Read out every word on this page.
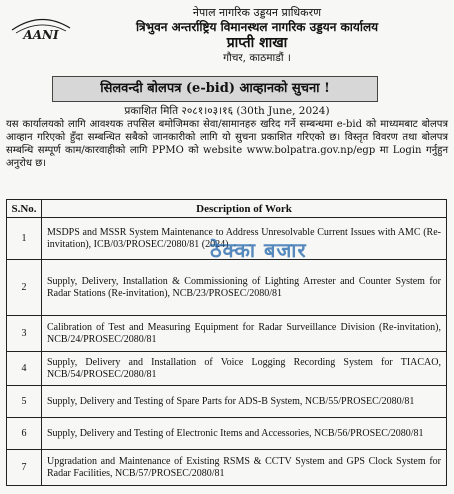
AANI
नेपाल नागरिक उड्डयन प्राधिकरण
त्रिभुवन अन्तर्राष्ट्रिय विमानस्थल नागरिक उड्डयन कार्यालय
प्राप्ती शाखा
गौचर, काठमाडौं ।
सिलवन्दी बोलपत्र (e-bid) आव्हानको सुचना !
प्रकाशित मिति २०८१।०३।१६ (30th June, 2024)
यस कार्यालयको लागि आवश्यक तपसिल बमोजिमका सेवा/सामानहरु खरिद गर्ने सम्बन्धमा e-bid को माध्यमबाट बोलपत्र आव्हान गरिएको हुँदा सम्बन्धित सबैको जानकारीको लागि यो सुचना प्रकाशित गरिएको छ। विस्तृत विवरण तथा बोलपत्र सम्बन्धि सम्पूर्ण काम/कारवाहीको लागि PPMO को website www.bolpatra.gov.np/egp मा Login गर्नुहुन अनुरोध छ।
S.No.	Description of Work
1	MSDPS and MSSR System Maintenance to Address Unresolvable Current Issues with AMC (Re-invitation), ICB/03/PROSEC/2080/81 (2024)
2	Supply, Delivery, Installation & Commissioning of Lighting Arrester and Counter System for Radar Stations (Re-invitation), NCB/23/PROSEC/2080/81
3	Calibration of Test and Measuring Equipment for Radar Surveillance Division (Re-invitation), NCB/24/PROSEC/2080/81
4	Supply, Delivery and Installation of Voice Logging Recording System for TIACAO, NCB/54/PROSEC/2080/81
5	Supply, Delivery and Testing of Spare Parts for ADS-B System, NCB/55/PROSEC/2080/81
6	Supply, Delivery and Testing of Electronic Items and Accessories, NCB/56/PROSEC/2080/81
7	Upgradation and Maintenance of Existing RSMS & CCTV System and GPS Clock System for Radar Facilities, NCB/57/PROSEC/2080/81
ठेक्का बजार
